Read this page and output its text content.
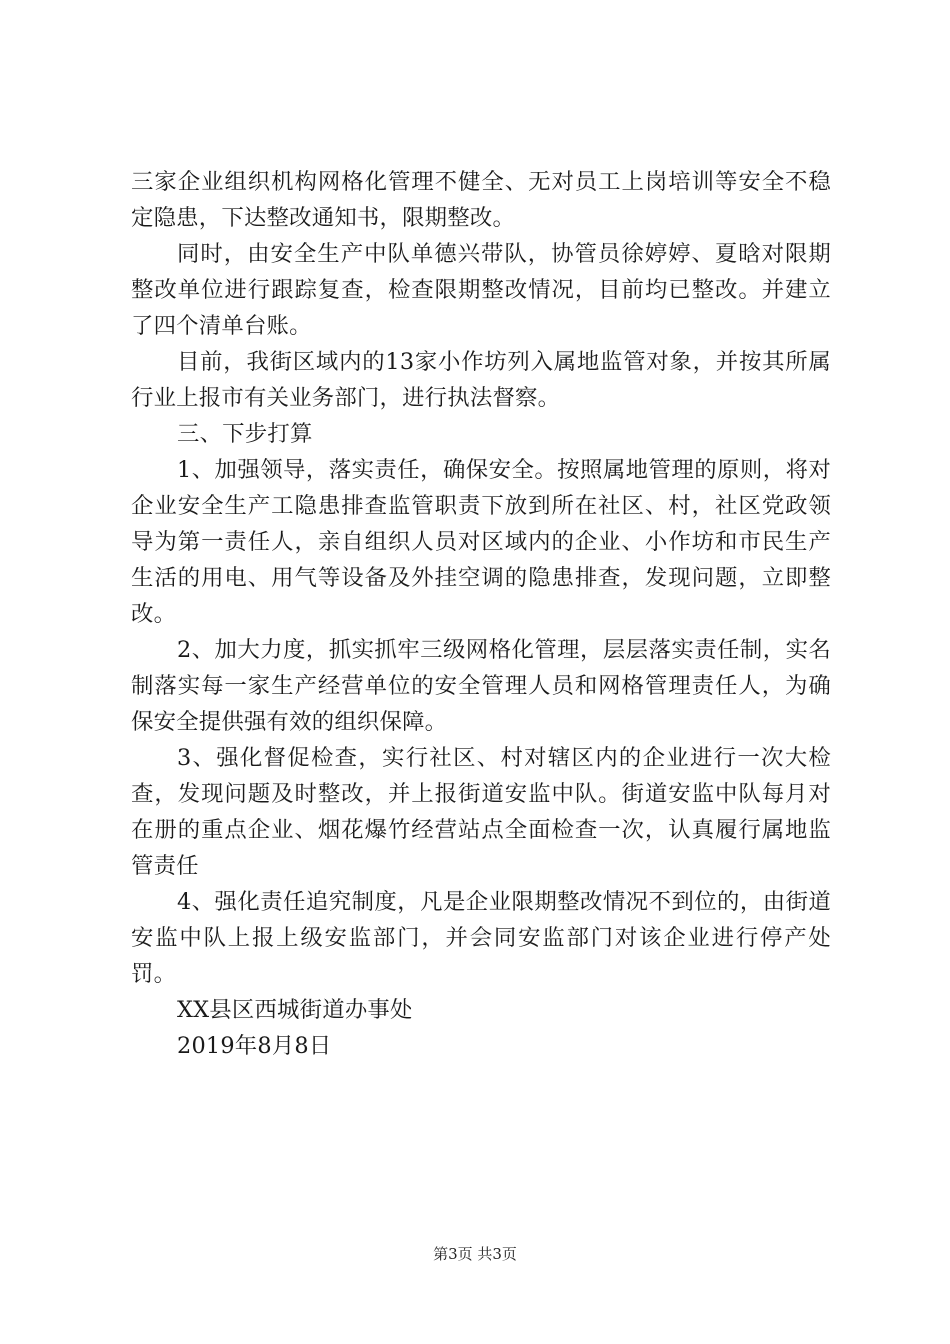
三家企业组织机构网格化管理不健全、无对员工上岗培训等安全不稳定隐患，下达整改通知书，限期整改。

同时，由安全生产中队单德兴带队，协管员徐婷婷、夏晗对限期整改单位进行跟踪复查，检查限期整改情况，目前均已整改。并建立了四个清单台账。

目前，我街区域内的13家小作坊列入属地监管对象，并按其所属行业上报市有关业务部门，进行执法督察。

三、下步打算

1、加强领导，落实责任，确保安全。按照属地管理的原则，将对企业安全生产工隐患排查监管职责下放到所在社区、村，社区党政领导为第一责任人，亲自组织人员对区域内的企业、小作坊和市民生产生活的用电、用气等设备及外挂空调的隐患排查，发现问题，立即整改。

2、加大力度，抓实抓牢三级网格化管理，层层落实责任制，实名制落实每一家生产经营单位的安全管理人员和网格管理责任人，为确保安全提供强有效的组织保障。

3、强化督促检查，实行社区、村对辖区内的企业进行一次大检查，发现问题及时整改，并上报街道安监中队。街道安监中队每月对在册的重点企业、烟花爆竹经营站点全面检查一次，认真履行属地监管责任

4、强化责任追究制度，凡是企业限期整改情况不到位的，由街道安监中队上报上级安监部门，并会同安监部门对该企业进行停产处罚。

XX县区西城街道办事处

2019年8月8日

第3页 共3页
